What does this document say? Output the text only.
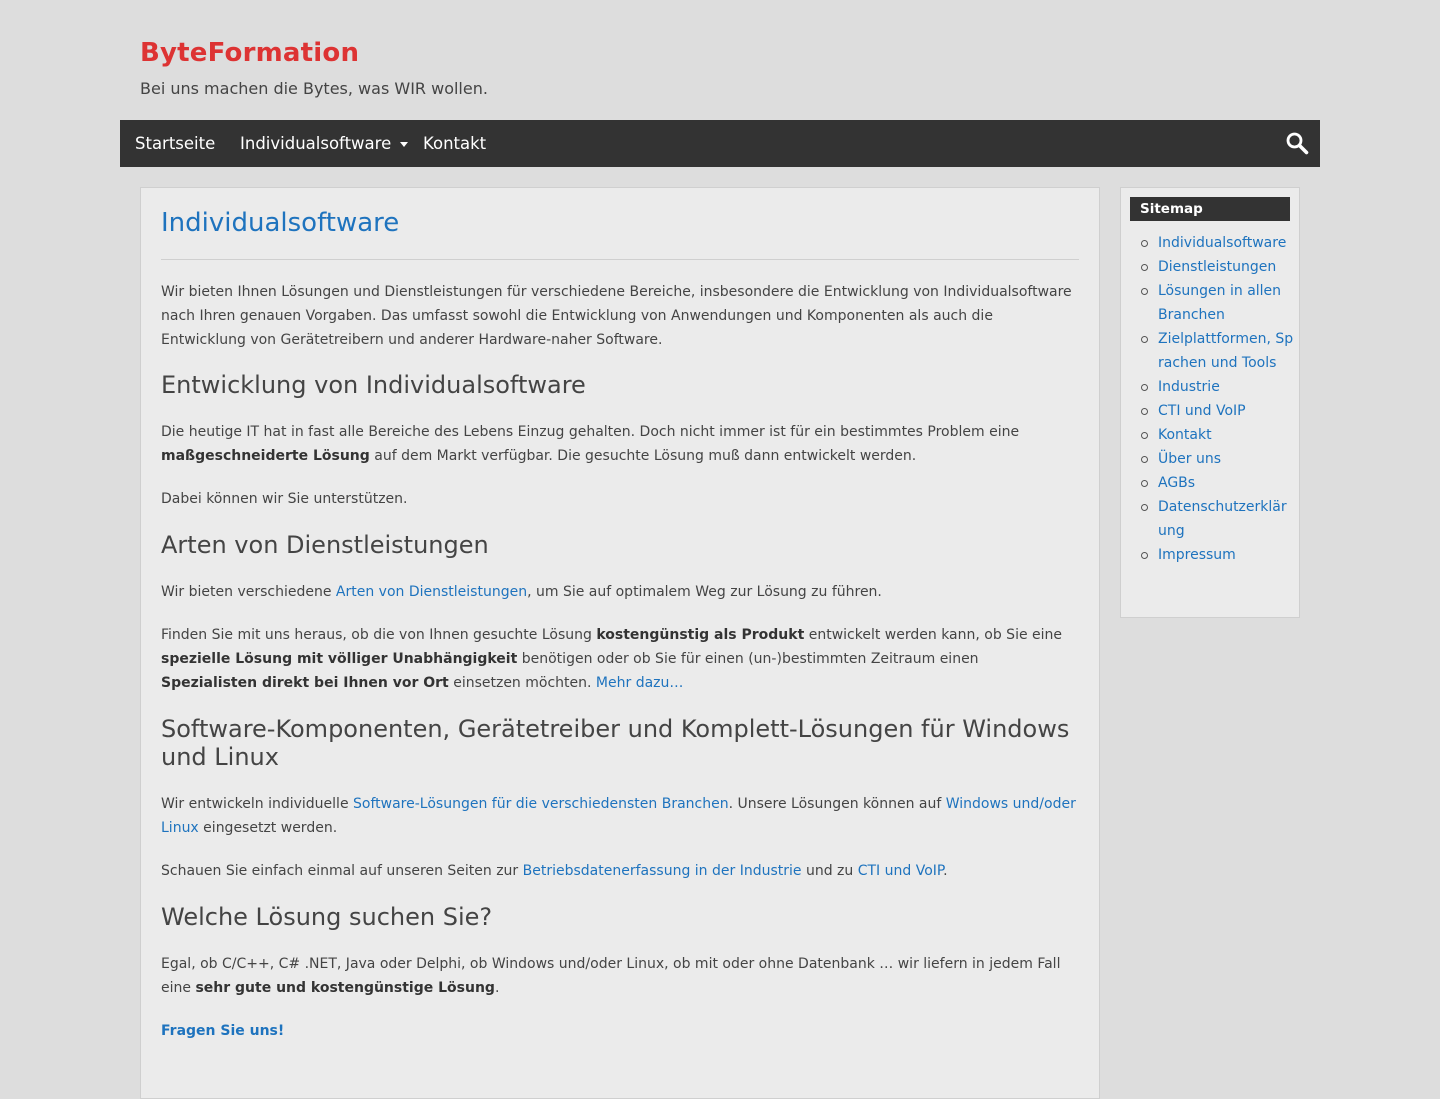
ByteFormation
Bei uns machen die Bytes, was WIR wollen.
Startseite Individualsoftware	Kontakt
Individualsoftware

Wir bieten Ihnen Lösungen und Dienstleistungen für verschiedene Bereiche, insbesondere die Entwicklung von Individualsoftware nach Ihren genauen Vorgaben. Das umfasst sowohl die Entwicklung von Anwendungen und Komponenten als auch die Entwicklung von Gerätetreibern und anderer Hardware-naher Software.

Entwicklung von Individualsoftware

Die heutige IT hat in fast alle Bereiche des Lebens Einzug gehalten. Doch nicht immer ist für ein bestimmtes Problem eine maßgeschneiderte Lösung auf dem Markt verfügbar. Die gesuchte Lösung muß dann entwickelt werden.

Dabei können wir Sie unterstützen.

Arten von Dienstleistungen

Wir bieten verschiedene Arten von Dienstleistungen, um Sie auf optimalem Weg zur Lösung zu führen.

Finden Sie mit uns heraus, ob die von Ihnen gesuchte Lösung kostengünstig als Produkt entwickelt werden kann, ob Sie eine spezielle Lösung mit völliger Unabhängigkeit benötigen oder ob Sie für einen (un-)bestimmten Zeitraum einen Spezialisten direkt bei Ihnen vor Ort einsetzen möchten. Mehr dazu…

Software-Komponenten, Gerätetreiber und Komplett-Lösungen für Windows und Linux

Wir entwickeln individuelle Software-Lösungen für die verschiedensten Branchen. Unsere Lösungen können auf Windows und/oder Linux eingesetzt werden.

Schauen Sie einfach einmal auf unseren Seiten zur Betriebsdatenerfassung in der Industrie und zu CTI und VoIP.

Welche Lösung suchen Sie?

Egal, ob C/C++, C# .NET, Java oder Delphi, ob Windows und/oder Linux, ob mit oder ohne Datenbank … wir liefern in jedem Fall eine sehr gute und kostengünstige Lösung.

Fragen Sie uns!

Sitemap
Individualsoftware
Dienstleistungen
Lösungen in allen Branchen
Zielplattformen, Sprachen und Tools
Industrie
CTI und VoIP
Kontakt
Über uns
AGBs
Datenschutzerklärung
Impressum
